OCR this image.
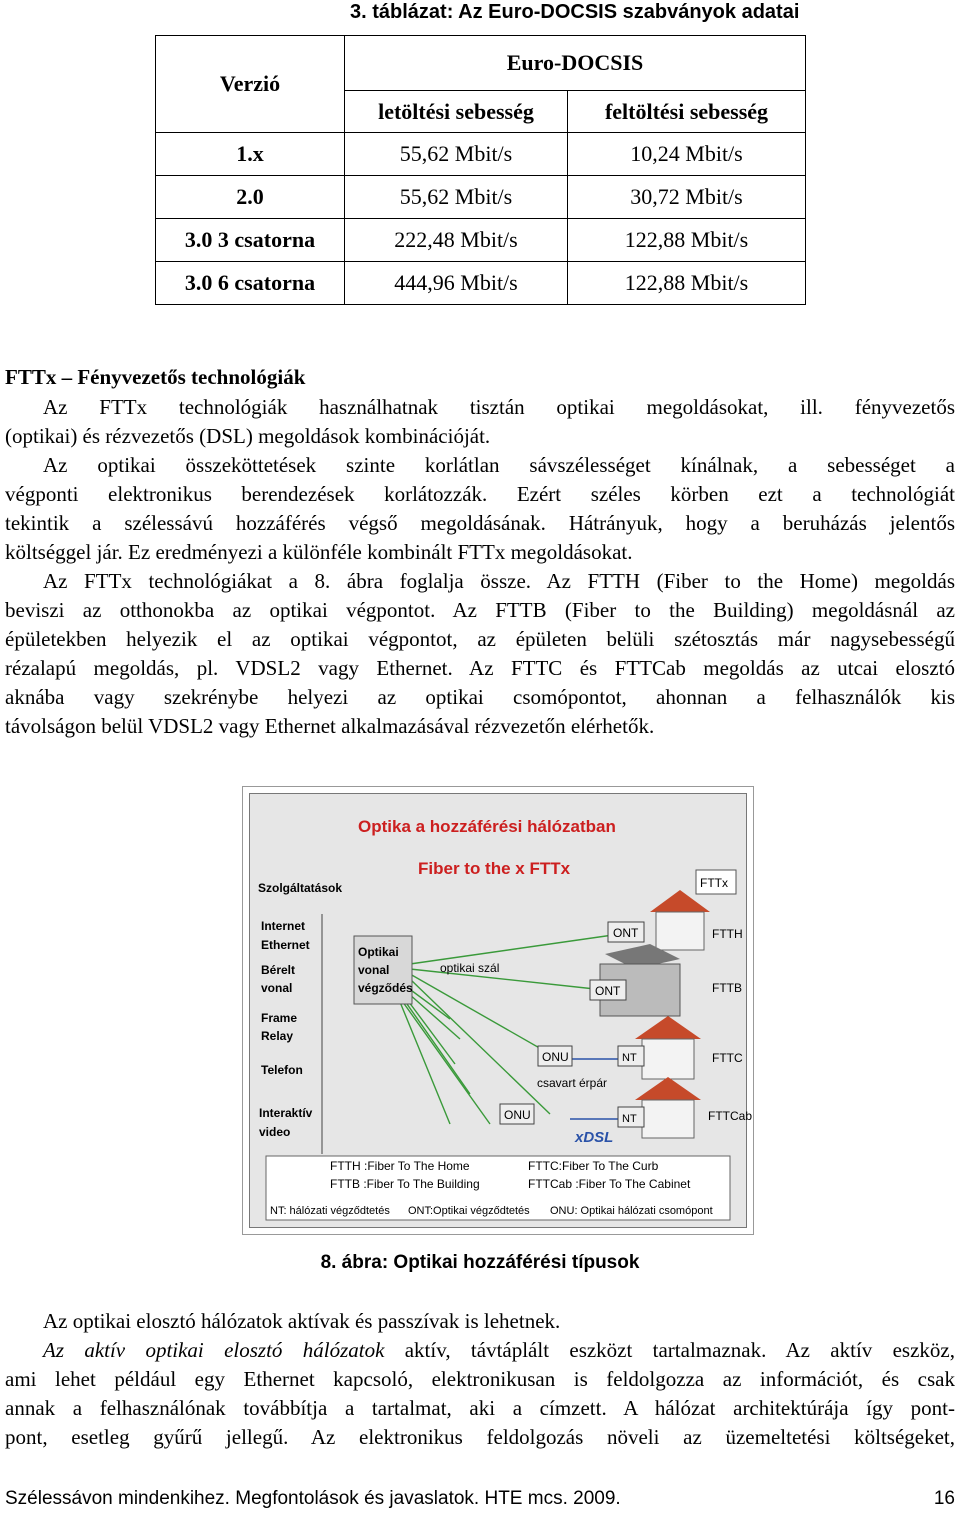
3. táblázat: Az Euro-DOCSIS szabványok adatai
Verzió	Euro-DOCSIS	
	letöltési sebesség	feltöltési sebesség
1.x	55,62 Mbit/s	10,24 Mbit/s
2.0	55,62 Mbit/s	30,72 Mbit/s
3.0 3 csatorna	222,48 Mbit/s	122,88 Mbit/s
3.0 6 csatorna	444,96 Mbit/s	122,88 Mbit/s
FTTx – Fényvezetős technológiák
Az FTTx technológiák használhatnak tisztán optikai megoldásokat, ill. fényvezetős
(optikai) és rézvezetős (DSL) megoldások kombinációját.
Az optikai összeköttetések szinte korlátlan sávszélességet kínálnak, a sebességet a
végponti elektronikus berendezések korlátozzák. Ezért széles körben ezt a technológiát
tekintik a szélessávú hozzáférés végső megoldásának. Hátrányuk, hogy a beruházás jelentős
költséggel jár. Ez eredményezi a különféle kombinált FTTx megoldásokat.
Az FTTx technológiákat a 8. ábra foglalja össze. Az FTTH (Fiber to the Home) megoldás
beviszi az otthonokba az optikai végpontot. Az FTTB (Fiber to the Building) megoldásnál az
épületekben helyezik el az optikai végpontot, az épületen belüli szétosztás már nagysebességű
rézalapú megoldás, pl. VDSL2 vagy Ethernet. Az FTTC és FTTCab megoldás az utcai elosztó
aknába vagy szekrénybe helyezi az optikai csomópontot, ahonnan a felhasználók kis
távolságon belül VDSL2 vagy Ethernet alkalmazásával rézvezetőn elérhetők.
Optika a hozzáférési hálózatban
Fiber to the x FTTx
Szolgáltatások
Internet
Ethernet
Bérelt
vonal
Frame
Relay
Telefon
Interaktív
video
Optikai
vonal
végződés
optikai szál
csavart érpár
xDSL
ONT
ONT
ONU
ONU
NT
NT
FTTx
FTTH
FTTB
FTTC
FTTCab
FTTH :Fiber To The Home
FTTB :Fiber To The Building
FTTC:Fiber To The Curb
FTTCab :Fiber To The Cabinet
NT: hálózati végződtetés ONT:Optikai végződtetés ONU: Optikai hálózati csomópont
8. ábra: Optikai hozzáférési típusok
Az optikai elosztó hálózatok aktívak és passzívak is lehetnek.
Az aktív optikai elosztó hálózatok aktív, távtáplált eszközt tartalmaznak. Az aktív eszköz,
ami lehet például egy Ethernet kapcsoló, elektronikusan is feldolgozza az információt, és csak
annak a felhasználónak továbbítja a tartalmat, aki a címzett. A hálózat architektúrája így pont-
pont, esetleg gyűrű jellegű. Az elektronikus feldolgozás növeli az üzemeltetési költségeket,
Szélessávon mindenkihez. Megfontolások és javaslatok. HTE mcs. 2009.	16
